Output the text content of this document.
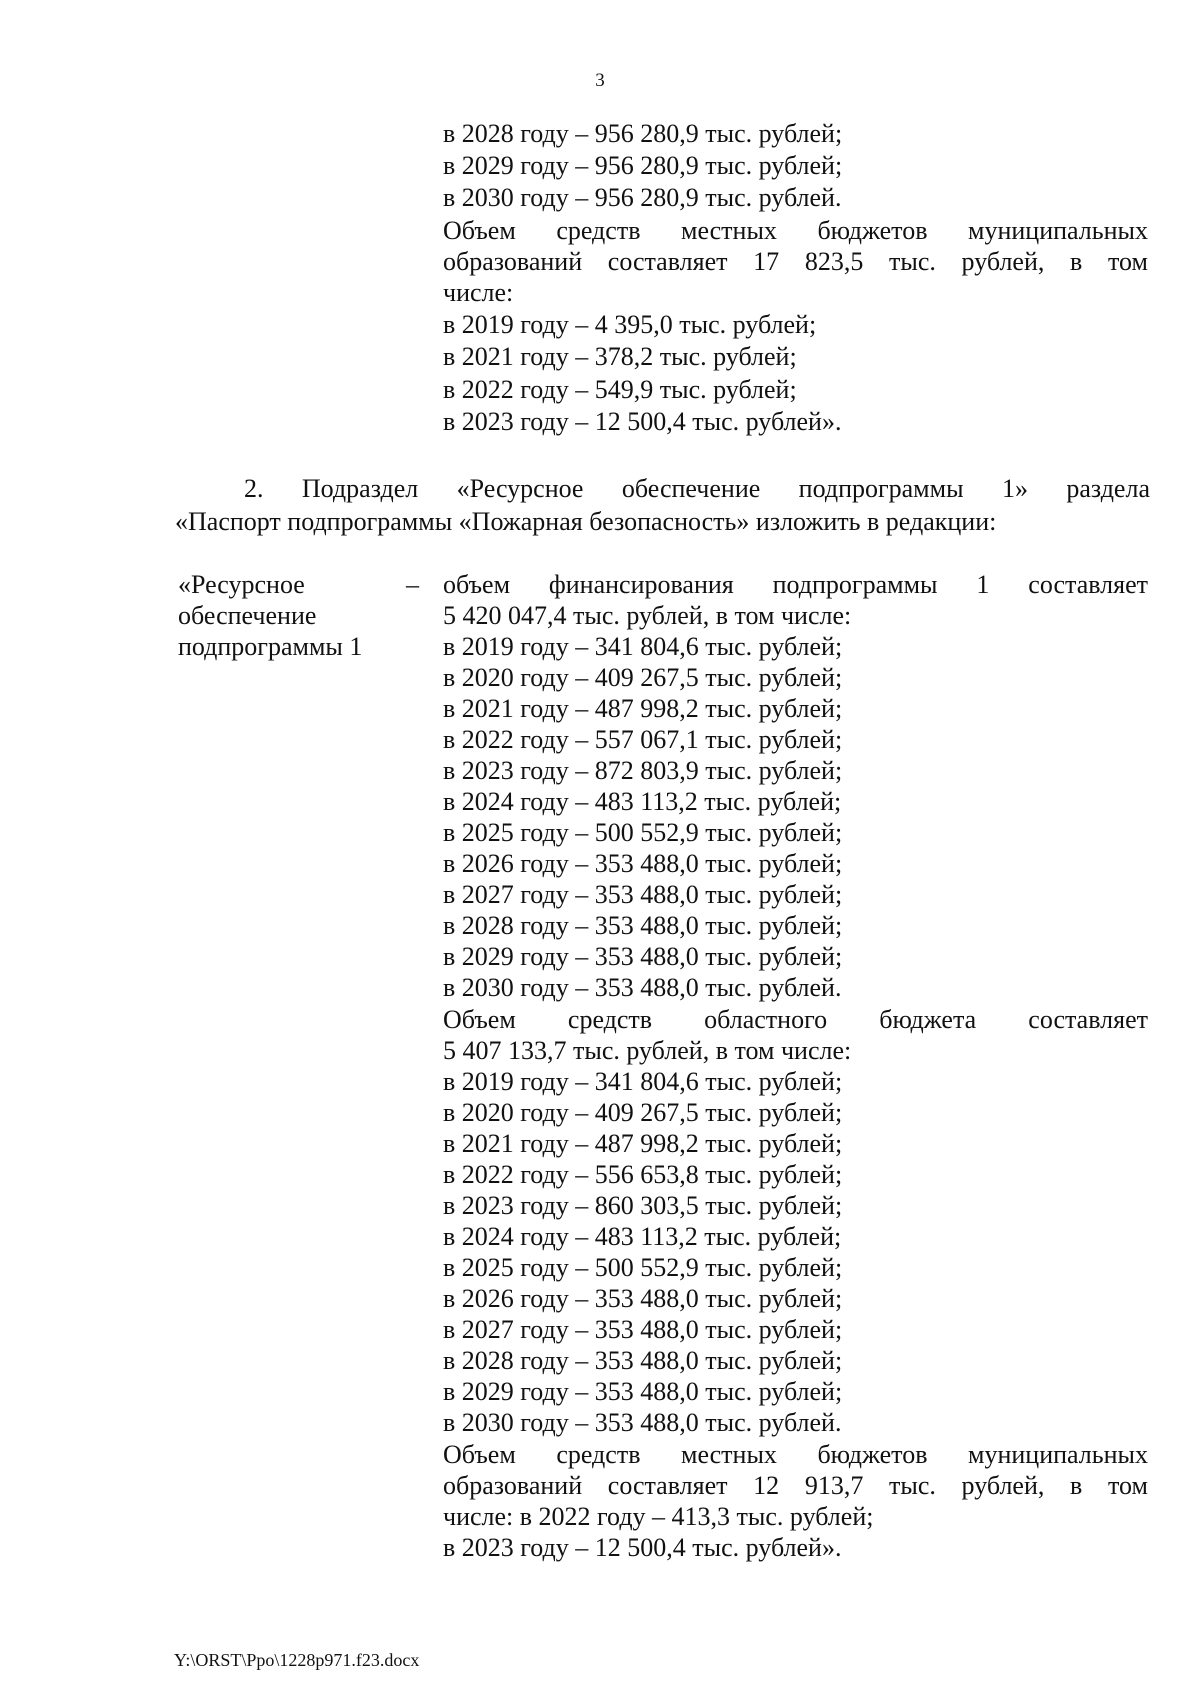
3
в 2028 году – 956 280,9 тыс. рублей;
в 2029 году – 956 280,9 тыс. рублей;
в 2030 году – 956 280,9 тыс. рублей.
Объем средств местных бюджетов муниципальных
образований составляет 17 823,5 тыс. рублей, в том
числе:
в 2019 году – 4 395,0 тыс. рублей;
в 2021 году – 378,2 тыс. рублей;
в 2022 году – 549,9 тыс. рублей;
в 2023 году – 12 500,4 тыс. рублей».
2. Подраздел «Ресурсное обеспечение подпрограммы 1» раздела
«Паспорт подпрограммы «Пожарная безопасность» изложить в редакции:
«Ресурсное
обеспечение
подпрограммы 1
– объем финансирования подпрограммы 1 составляет
5 420 047,4 тыс. рублей, в том числе:
в 2019 году – 341 804,6 тыс. рублей;
в 2020 году – 409 267,5 тыс. рублей;
в 2021 году – 487 998,2 тыс. рублей;
в 2022 году – 557 067,1 тыс. рублей;
в 2023 году – 872 803,9 тыс. рублей;
в 2024 году – 483 113,2 тыс. рублей;
в 2025 году – 500 552,9 тыс. рублей;
в 2026 году – 353 488,0 тыс. рублей;
в 2027 году – 353 488,0 тыс. рублей;
в 2028 году – 353 488,0 тыс. рублей;
в 2029 году – 353 488,0 тыс. рублей;
в 2030 году – 353 488,0 тыс. рублей.
Объем средств областного бюджета составляет
5 407 133,7 тыс. рублей, в том числе:
в 2019 году – 341 804,6 тыс. рублей;
в 2020 году – 409 267,5 тыс. рублей;
в 2021 году – 487 998,2 тыс. рублей;
в 2022 году – 556 653,8 тыс. рублей;
в 2023 году – 860 303,5 тыс. рублей;
в 2024 году – 483 113,2 тыс. рублей;
в 2025 году – 500 552,9 тыс. рублей;
в 2026 году – 353 488,0 тыс. рублей;
в 2027 году – 353 488,0 тыс. рублей;
в 2028 году – 353 488,0 тыс. рублей;
в 2029 году – 353 488,0 тыс. рублей;
в 2030 году – 353 488,0 тыс. рублей.
Объем средств местных бюджетов муниципальных
образований составляет 12 913,7 тыс. рублей, в том
числе: в 2022 году – 413,3 тыс. рублей;
в 2023 году – 12 500,4 тыс. рублей».
Y:\ORST\Ppo\1228p971.f23.docx
